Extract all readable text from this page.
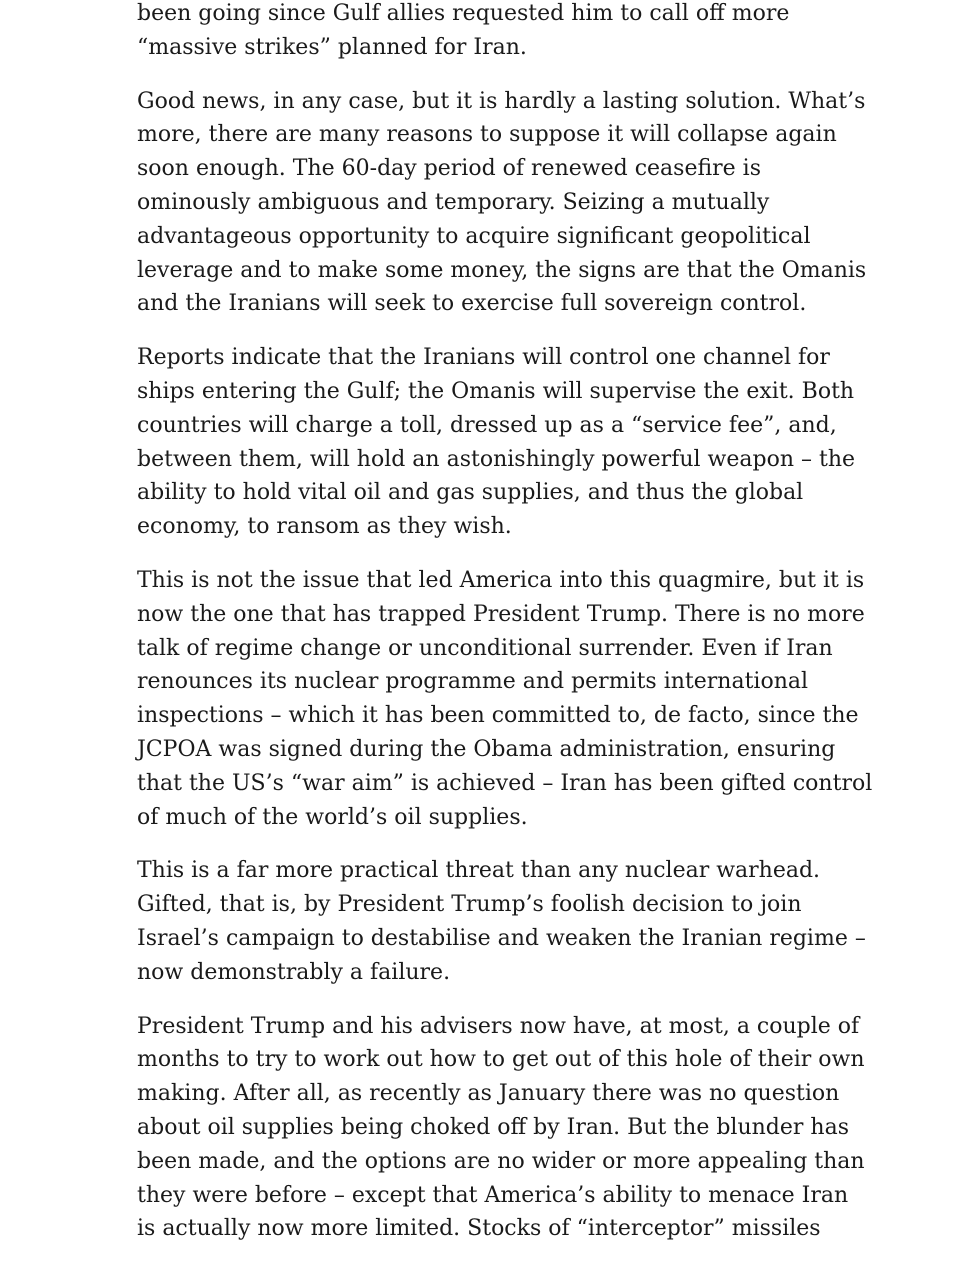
been going since Gulf allies requested him to call off more
“massive strikes” planned for Iran.

Good news, in any case, but it is hardly a lasting solution. What’s
more, there are many reasons to suppose it will collapse again
soon enough. The 60-day period of renewed ceasefire is
ominously ambiguous and temporary. Seizing a mutually
advantageous opportunity to acquire significant geopolitical
leverage and to make some money, the signs are that the Omanis
and the Iranians will seek to exercise full sovereign control.

Reports indicate that the Iranians will control one channel for
ships entering the Gulf; the Omanis will supervise the exit. Both
countries will charge a toll, dressed up as a “service fee”, and,
between them, will hold an astonishingly powerful weapon – the
ability to hold vital oil and gas supplies, and thus the global
economy, to ransom as they wish.

This is not the issue that led America into this quagmire, but it is
now the one that has trapped President Trump. There is no more
talk of regime change or unconditional surrender. Even if Iran
renounces its nuclear programme and permits international
inspections – which it has been committed to, de facto, since the
JCPOA was signed during the Obama administration, ensuring
that the US’s “war aim” is achieved – Iran has been gifted control
of much of the world’s oil supplies.

This is a far more practical threat than any nuclear warhead.
Gifted, that is, by President Trump’s foolish decision to join
Israel’s campaign to destabilise and weaken the Iranian regime –
now demonstrably a failure.

President Trump and his advisers now have, at most, a couple of
months to try to work out how to get out of this hole of their own
making. After all, as recently as January there was no question
about oil supplies being choked off by Iran. But the blunder has
been made, and the options are no wider or more appealing than
they were before – except that America’s ability to menace Iran
is actually now more limited. Stocks of “interceptor” missiles
